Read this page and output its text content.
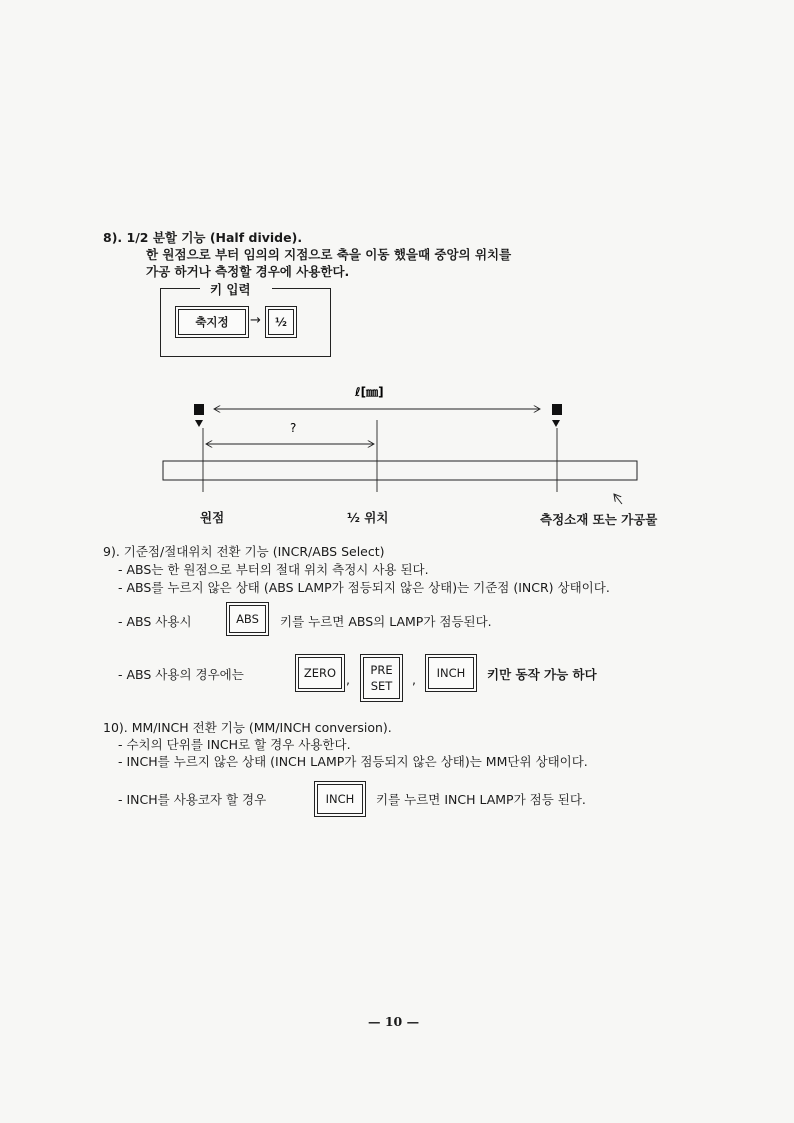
8). 1/2 분할 기능 (Half divide).
한 원점으로 부터 임의의 지점으로 축을 이동 했을때 중앙의 위치를
가공 하거나 측정할 경우에 사용한다.
키 입력
축지정	→	½
ℓ[㎜]
?
원점	½ 위치	측정소재 또는 가공물
9). 기준점/절대위치 전환 기능 (INCR/ABS Select)
- ABS는 한 원점으로 부터의 절대 위치 측정시 사용 된다.
- ABS를 누르지 않은 상태 (ABS LAMP가 점등되지 않은 상태)는 기준점 (INCR) 상태이다.
- ABS 사용시	ABS	키를 누르면 ABS의 LAMP가 점등된다.
- ABS 사용의 경우에는	ZERO ,
PRE
SET ,	INCH	키만 동작 가능 하다
10). MM/INCH 전환 기능 (MM/INCH conversion).
- 수치의 단위를 INCH로 할 경우 사용한다.
- INCH를 누르지 않은 상태 (INCH LAMP가 점등되지 않은 상태)는 MM단위 상태이다.
- INCH를 사용코자 할 경우	INCH	키를 누르면 INCH LAMP가 점등 된다.
— 10 —
